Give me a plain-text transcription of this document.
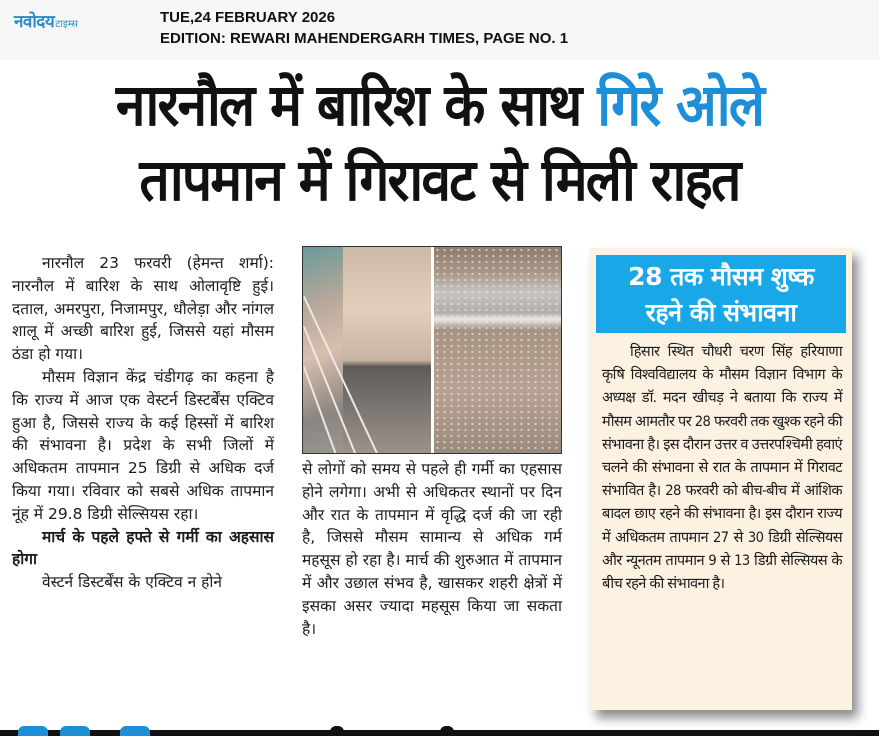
नवोदय टाइम्स	TUE,24 FEBRUARY 2026
EDITION: REWARI MAHENDERGARH TIMES, PAGE NO. 1
नारनौल में बारिश के साथ गिरे ओले
तापमान में गिरावट से मिली राहत

नारनौल 23 फरवरी (हेमन्त शर्मा): नारनौल में बारिश के साथ ओलावृष्टि हुई। दताल, अमरपुरा, निजामपुर, धौलेड़ा और नांगल शालू में अच्छी बारिश हुई, जिससे यहां मौसम ठंडा हो गया।

मौसम विज्ञान केंद्र चंडीगढ़ का कहना है कि राज्य में आज एक वेस्टर्न डिस्टर्बेंस एक्टिव हुआ है, जिससे राज्य के कई हिस्सों में बारिश की संभावना है। प्रदेश के सभी जिलों में अधिकतम तापमान 25 डिग्री से अधिक दर्ज किया गया। रविवार को सबसे अधिक तापमान नूंह में 29.8 डिग्री सेल्सियस रहा।

मार्च के पहले हफ्ते से गर्मी का अहसास होगा

वेस्टर्न डिस्टर्बेंस के एक्टिव न होने

से लोगों को समय से पहले ही गर्मी का एहसास होने लगेगा। अभी से अधिकतर स्थानों पर दिन और रात के तापमान में वृद्धि दर्ज की जा रही है, जिससे मौसम सामान्य से अधिक गर्म महसूस हो रहा है। मार्च की शुरुआत में तापमान में और उछाल संभव है, खासकर शहरी क्षेत्रों में इसका असर ज्यादा महसूस किया जा सकता है।

28 तक मौसम शुष्क
रहने की संभावना

हिसार स्थित चौधरी चरण सिंह हरियाणा कृषि विश्वविद्यालय के मौसम विज्ञान विभाग के अध्यक्ष डॉ. मदन खीचड़ ने बताया कि राज्य में मौसम आमतौर पर 28 फरवरी तक खुश्क रहने की संभावना है। इस दौरान उत्तर व उत्तरपश्चिमी हवाएं चलने की संभावना से रात के तापमान में गिरावट संभावित है। 28 फरवरी को बीच-बीच में आंशिक बादल छाए रहने की संभावना है। इस दौरान राज्य में अधिकतम तापमान 27 से 30 डिग्री सेल्सियस और न्यूनतम तापमान 9 से 13 डिग्री सेल्सियस के बीच रहने की संभावना है।
